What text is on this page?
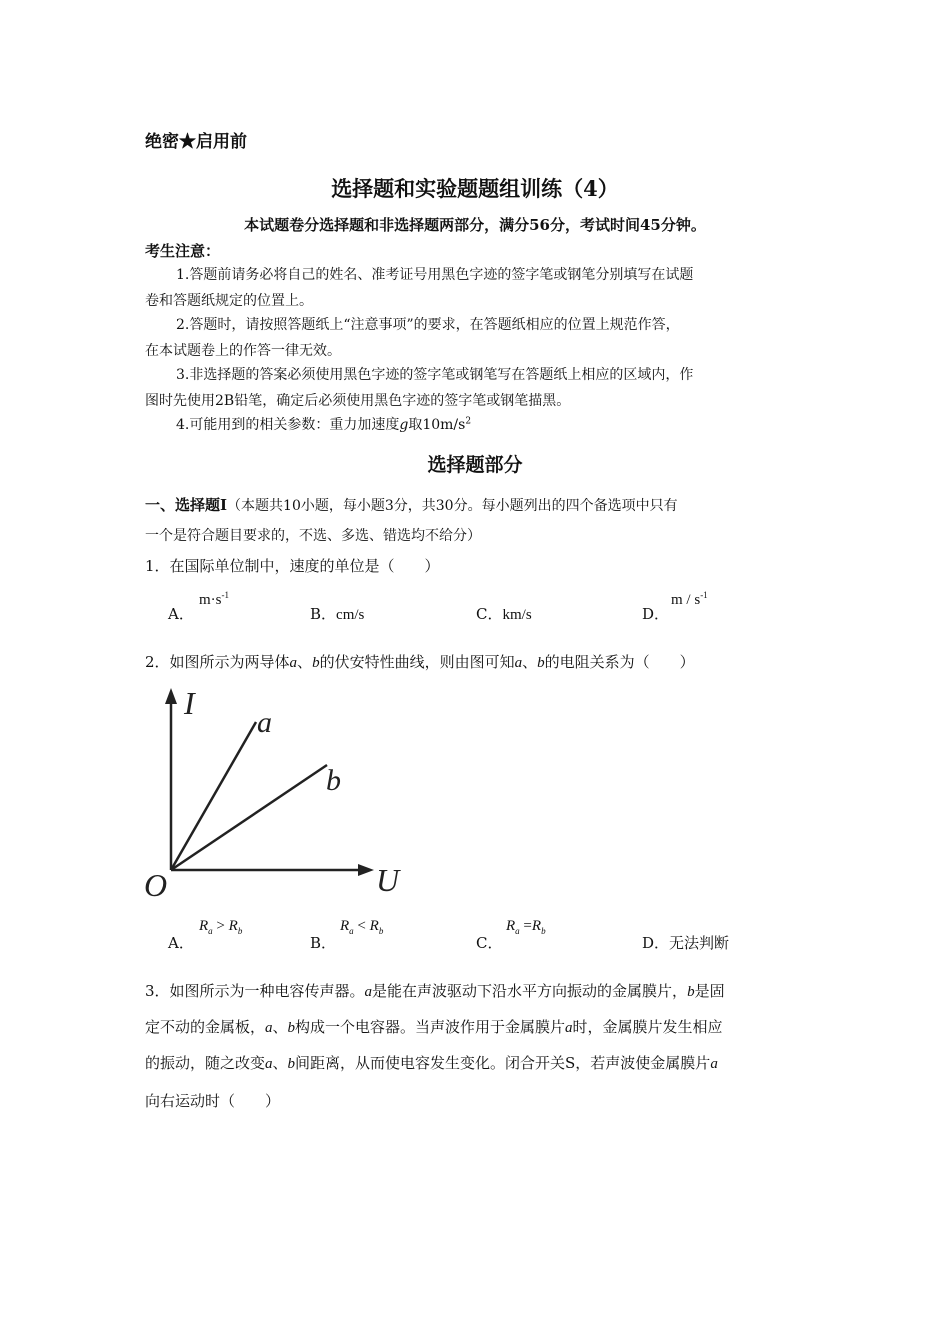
绝密★启用前
选择题和实验题题组训练（4）
本试题卷分选择题和非选择题两部分，满分56分，考试时间45分钟。
考生注意：
1.答题前请务必将自己的姓名、准考证号用黑色字迹的签字笔或钢笔分别填写在试题
卷和答题纸规定的位置上。
2.答题时，请按照答题纸上“注意事项”的要求，在答题纸相应的位置上规范作答，
在本试题卷上的作答一律无效。
3.非选择题的答案必须使用黑色字迹的签字笔或钢笔写在答题纸上相应的区域内，作
图时先使用2B铅笔，确定后必须使用黑色字迹的签字笔或钢笔描黑。
4.可能用到的相关参数：重力加速度g取$10m/s^2$
选择题部分
一、选择题Ⅰ（本题共10小题，每小题3分，共30分。每小题列出的四个备选项中只有
一个是符合题目要求的，不选、多选、错选均不给分）
1．在国际单位制中，速度的单位是（　　）
A．
$m\cdot s^{-1}$
B．cm/s	C．km/s	D．
m / $s^{-1}$
2．如图所示为两导体a、b的伏安特性曲线，则由图可知a、b的电阻关系为（　　）
I
U
O
a
b
A．
$R_a > R_b$
B．
$R_a < R_b$
C．
$R_a =R_b$
D．无法判断
3．如图所示为一种电容传声器。a是能在声波驱动下沿水平方向振动的金属膜片，b是固
定不动的金属板，a、b构成一个电容器。当声波作用于金属膜片a时，金属膜片发生相应
的振动，随之改变a、b间距离，从而使电容发生变化。闭合开关S，若声波使金属膜片a
向右运动时（　　）
